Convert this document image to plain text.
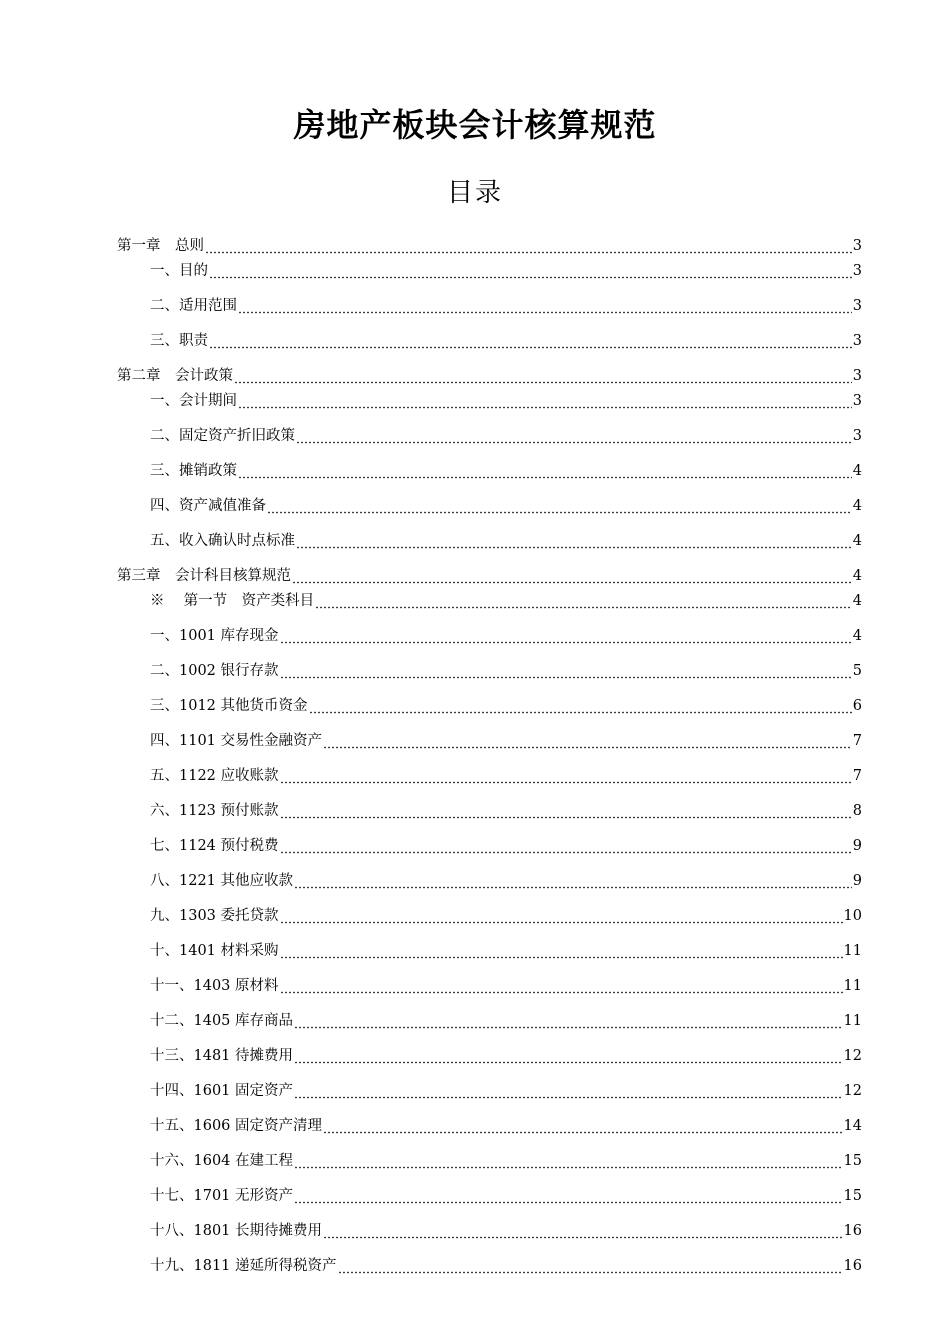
房地产板块会计核算规范
目录
第一章　总则	3
一、目的	3
二、适用范围	3
三、职责	3
第二章　会计政策	3
一、会计期间	3
二、固定资产折旧政策	3
三、摊销政策	4
四、资产减值准备	4
五、收入确认时点标准	4
第三章　会计科目核算规范	4
※　 第一节　资产类科目	4
一、1001 库存现金	4
二、1002 银行存款	5
三、1012 其他货币资金	6
四、1101 交易性金融资产	7
五、1122 应收账款	7
六、1123 预付账款	8
七、1124 预付税费	9
八、1221 其他应收款	9
九、1303 委托贷款	10
十、1401 材料采购	11
十一、1403 原材料	11
十二、1405 库存商品	11
十三、1481 待摊费用	12
十四、1601 固定资产	12
十五、1606 固定资产清理	14
十六、1604 在建工程	15
十七、1701 无形资产	15
十八、1801 长期待摊费用	16
十九、1811 递延所得税资产	16
